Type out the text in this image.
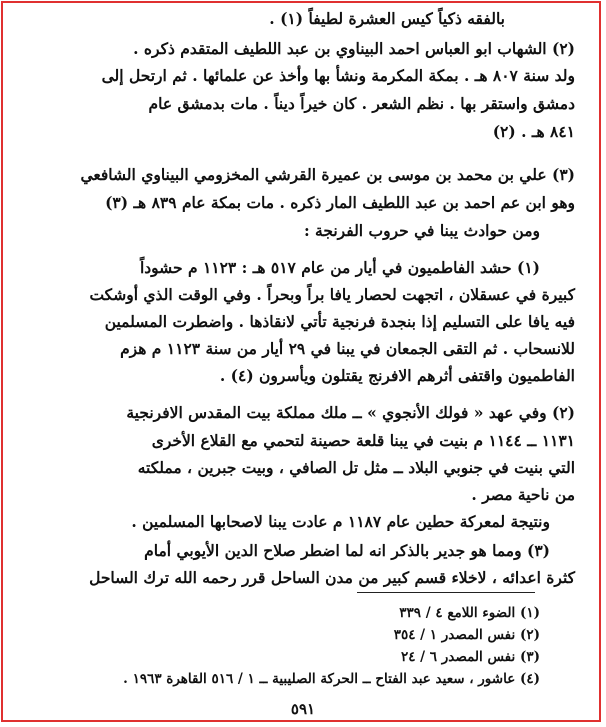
بالفقه ذكياً كيس العشرة لطيفاً (١) .
(٢) الشهاب ابو العباس احمد البيناوي بن عبد اللطيف المتقدم ذكره .
ولد سنة ٨٠٧ هـ . بمكة المكرمة ونشأ بها وأخذ عن علمائها . ثم ارتحل إلى
دمشق واستقر بها . نظم الشعر . كان خيراً ديناً . مات بدمشق عام
٨٤١ هـ . (٢)
(٣) علي بن محمد بن موسى بن عميرة القرشي المخزومي البيناوي الشافعي
وهو ابن عم احمد بن عبد اللطيف المار ذكره . مات بمكة عام ٨٣٩ هـ (٣)
ومن حوادث يبنا في حروب الفرنجة :
(١) حشد الفاطميون في أيار من عام ٥١٧ هـ : ١١٢٣ م حشوداً
كبيرة في عسقلان ، اتجهت لحصار يافا براً وبحراً . وفي الوقت الذي أوشكت
فيه يافا على التسليم إذا بنجدة فرنجية تأتي لانقاذها . واضطرت المسلمين
للانسحاب . ثم التقى الجمعان في يبنا في ٢٩ أيار من سنة ١١٢٣ م هزم
الفاطميون واقتفى أثرهم الافرنج يقتلون ويأسرون (٤) .
(٢) وفي عهد « فولك الأنجوي » ــ ملك مملكة بيت المقدس الافرنجية
١١٣١ ــ ١١٤٤ م بنيت في يبنا قلعة حصينة لتحمي مع القلاع الأخرى
التي بنيت في جنوبي البلاد ــ مثل تل الصافي ، وبيت جبرين ، مملكته
من ناحية مصر .
ونتيجة لمعركة حطين عام ١١٨٧ م عادت يبنا لاصحابها المسلمين .
(٣) ومما هو جدير بالذكر انه لما اضطر صلاح الدين الأيوبي أمام
كثرة اعدائه ، لاخلاء قسم كبير من مدن الساحل قرر رحمه الله ترك الساحل
(١) الضوء اللامع ٤ / ٣٣٩
(٢) نفس المصدر ١ / ٣٥٤
(٣) نفس المصدر ٦ / ٢٤
(٤) عاشور ، سعيد عبد الفتاح ــ الحركة الصليبية ــ ١ / ٥١٦ القاهرة ١٩٦٣ .
٥٩١
